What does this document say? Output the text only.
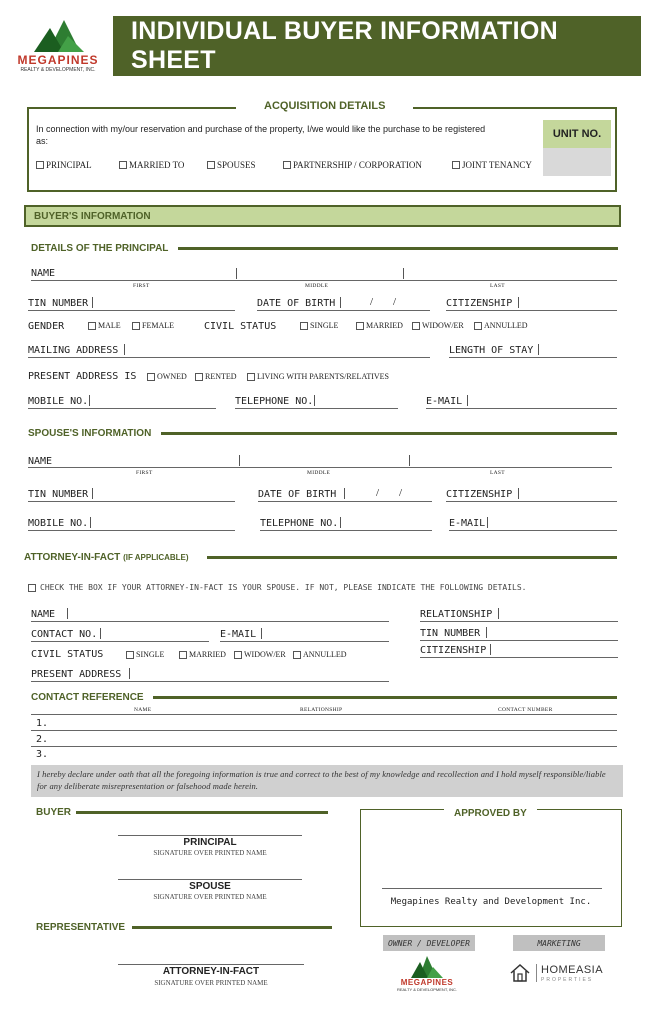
MEGAPINES
REALTY & DEVELOPMENT, INC.
INDIVIDUAL BUYER INFORMATION SHEET
ACQUISITION DETAILS
In connection with my/our reservation and purchase of the property, I/we would like the purchase to be registered as:
PRINCIPAL	MARRIED TO	SPOUSES	PARTNERSHIP / CORPORATION	JOINT TENANCY
UNIT NO.
BUYER'S INFORMATION
DETAILS OF THE PRINCIPAL
NAME
FIRST	MIDDLE	LAST
TIN NUMBER	DATE OF BIRTH	//	CITIZENSHIP
GENDER	MALE	FEMALE	CIVIL STATUS	SINGLE	MARRIED WIDOW/ER	ANNULLED
MAILING ADDRESS	LENGTH OF STAY
PRESENT ADDRESS IS	OWNED RENTED	LIVING WITH PARENTS/RELATIVES
MOBILE NO.	TELEPHONE NO.	E-MAIL
SPOUSE'S INFORMATION
NAME
FIRST	MIDDLE	LAST
TIN NUMBER	DATE OF BIRTH	// CITIZENSHIP
MOBILE NO.	TELEPHONE NO.	E-MAIL
ATTORNEY-IN-FACT (IF APPLICABLE)
CHECK THE BOX IF YOUR ATTORNEY-IN-FACT IS YOUR SPOUSE. IF NOT, PLEASE INDICATE THE FOLLOWING DETAILS.
NAME	RELATIONSHIP
CONTACT NO.	E-MAIL	TIN NUMBER
CIVIL STATUS	SINGLE	MARRIED WIDOW/ER ANNULLED	CITIZENSHIP
PRESENT ADDRESS
CONTACT REFERENCE
NAME	RELATIONSHIP	CONTACT NUMBER
1.
2.
3.
I hereby declare under oath that all the foregoing information is true and correct to the best of my knowledge and recollection and I hold myself responsible/liable for any deliberate misrepresentation or falsehood made herein.
BUYER
PRINCIPAL
SIGNATURE OVER PRINTED NAME
SPOUSE
SIGNATURE OVER PRINTED NAME
APPROVED BY
Megapines Realty and Development Inc.
REPRESENTATIVE
ATTORNEY-IN-FACT
SIGNATURE OVER PRINTED NAME
OWNER / DEVELOPER	MARKETING
MEGAPINES
REALTY & DEVELOPMENT, INC.
HOMEASIA
PROPERTIES
